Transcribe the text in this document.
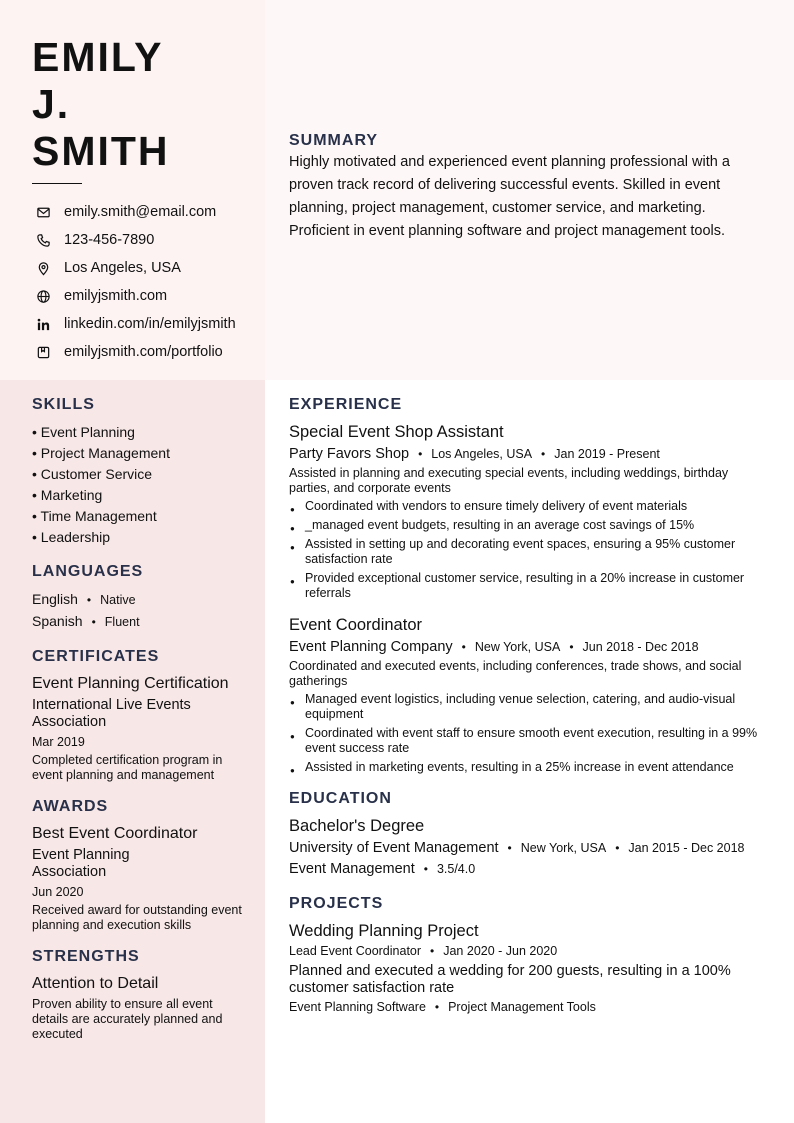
EMILY
J.
SMITH
emily.smith@email.com
123-456-7890
Los Angeles, USA
emilyjsmith.com
linkedin.com/in/emilyjsmith
emilyjsmith.com/portfolio
SUMMARY

Highly motivated and experienced event planning professional with a proven track record of delivering successful events. Skilled in event planning, project management, customer service, and marketing. Proficient in event planning software and project management tools.

SKILLS
• Event Planning
• Project Management
• Customer Service
• Marketing
• Time Management
• Leadership
LANGUAGES
English • Native
Spanish • Fluent
CERTIFICATES
Event Planning Certification
International Live Events Association
Mar 2019
Completed certification program in event planning and management
AWARDS
Best Event Coordinator
Event Planning Association
Jun 2020
Received award for outstanding event planning and execution skills
STRENGTHS
Attention to Detail
Proven ability to ensure all event details are accurately planned and executed
EXPERIENCE
Special Event Shop Assistant
Party Favors Shop • Los Angeles, USA • Jan 2019 - Present
Assisted in planning and executing special events, including weddings, birthday parties, and corporate events
● Coordinated with vendors to ensure timely delivery of event materials
● _managed event budgets, resulting in an average cost savings of 15%
● Assisted in setting up and decorating event spaces, ensuring a 95% customer satisfaction rate
● Provided exceptional customer service, resulting in a 20% increase in customer referrals
Event Coordinator
Event Planning Company • New York, USA • Jun 2018 - Dec 2018
Coordinated and executed events, including conferences, trade shows, and social gatherings
● Managed event logistics, including venue selection, catering, and audio-visual equipment
● Coordinated with event staff to ensure smooth event execution, resulting in a 99% event success rate
● Assisted in marketing events, resulting in a 25% increase in event attendance
EDUCATION
Bachelor's Degree
University of Event Management • New York, USA • Jan 2015 - Dec 2018
Event Management • 3.5/4.0
PROJECTS
Wedding Planning Project
Lead Event Coordinator • Jan 2020 - Jun 2020
Planned and executed a wedding for 200 guests, resulting in a 100% customer satisfaction rate
Event Planning Software • Project Management Tools
